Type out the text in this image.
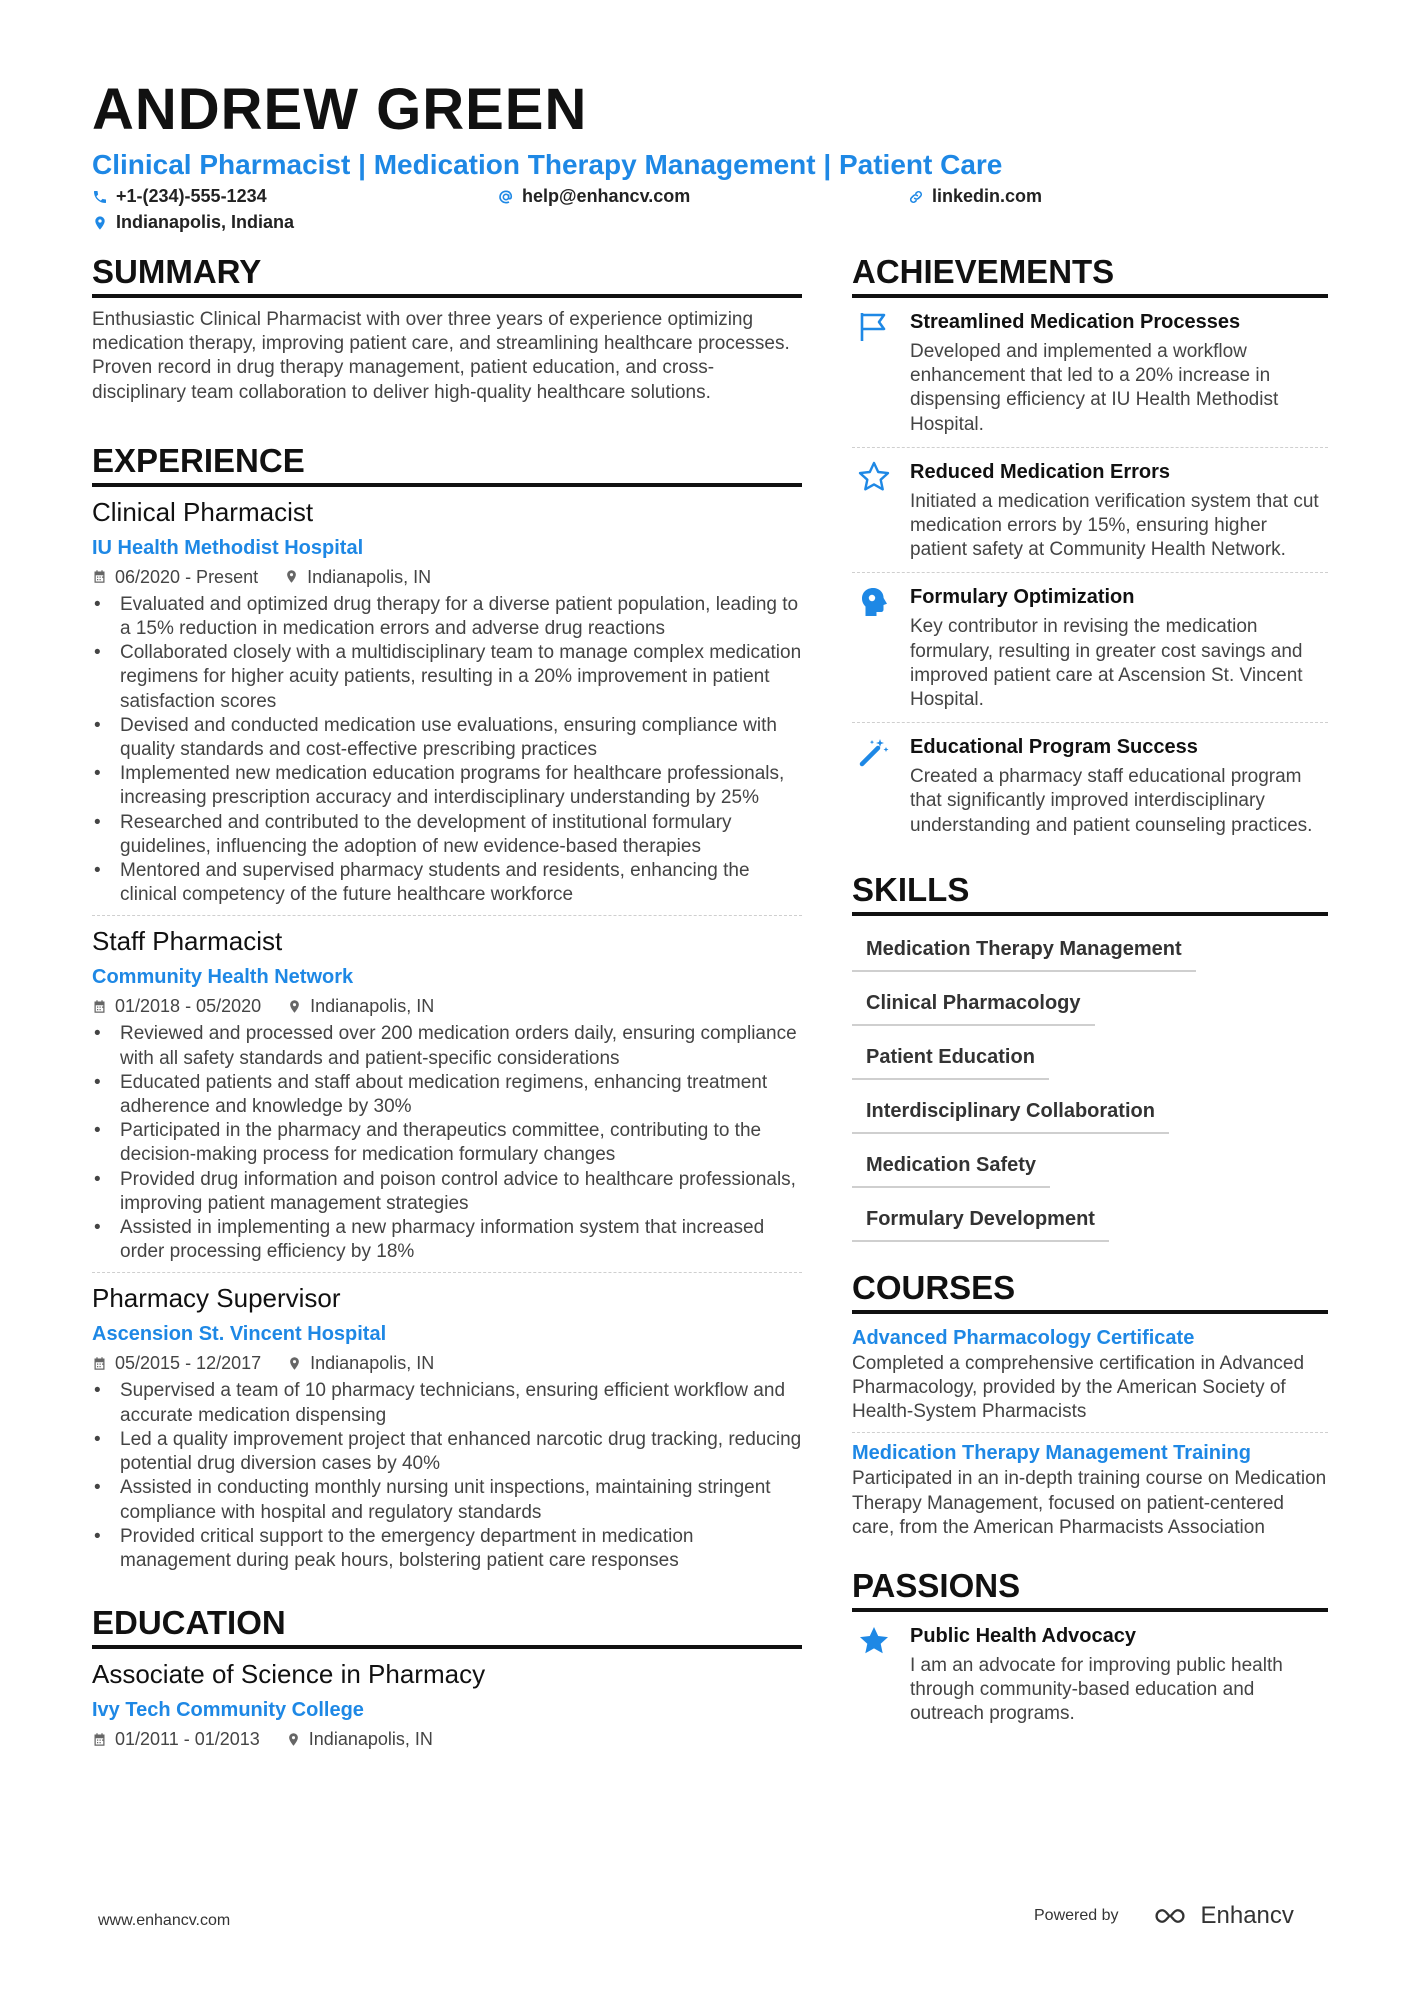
ANDREW GREEN
Clinical Pharmacist | Medication Therapy Management | Patient Care
+1-(234)-555-1234	help@enhancv.com	linkedin.com
Indianapolis, Indiana
SUMMARY
Enthusiastic Clinical Pharmacist with over three years of experience optimizing medication therapy, improving patient care, and streamlining healthcare processes. Proven record in drug therapy management, patient education, and cross-disciplinary team collaboration to deliver high-quality healthcare solutions.
EXPERIENCE
Clinical Pharmacist
IU Health Methodist Hospital
06/2020 - Present	Indianapolis, IN
• Evaluated and optimized drug therapy for a diverse patient population, leading to a 15% reduction in medication errors and adverse drug reactions
• Collaborated closely with a multidisciplinary team to manage complex medication regimens for higher acuity patients, resulting in a 20% improvement in patient satisfaction scores
• Devised and conducted medication use evaluations, ensuring compliance with quality standards and cost-effective prescribing practices
• Implemented new medication education programs for healthcare professionals, increasing prescription accuracy and interdisciplinary understanding by 25%
• Researched and contributed to the development of institutional formulary guidelines, influencing the adoption of new evidence-based therapies
• Mentored and supervised pharmacy students and residents, enhancing the clinical competency of the future healthcare workforce
Staff Pharmacist
Community Health Network
01/2018 - 05/2020	Indianapolis, IN
• Reviewed and processed over 200 medication orders daily, ensuring compliance with all safety standards and patient-specific considerations
• Educated patients and staff about medication regimens, enhancing treatment adherence and knowledge by 30%
• Participated in the pharmacy and therapeutics committee, contributing to the decision-making process for medication formulary changes
• Provided drug information and poison control advice to healthcare professionals, improving patient management strategies
• Assisted in implementing a new pharmacy information system that increased order processing efficiency by 18%
Pharmacy Supervisor
Ascension St. Vincent Hospital
05/2015 - 12/2017	Indianapolis, IN
• Supervised a team of 10 pharmacy technicians, ensuring efficient workflow and accurate medication dispensing
• Led a quality improvement project that enhanced narcotic drug tracking, reducing potential drug diversion cases by 40%
• Assisted in conducting monthly nursing unit inspections, maintaining stringent compliance with hospital and regulatory standards
• Provided critical support to the emergency department in medication management during peak hours, bolstering patient care responses
EDUCATION
Associate of Science in Pharmacy
Ivy Tech Community College
01/2011 - 01/2013	Indianapolis, IN
ACHIEVEMENTS
Streamlined Medication Processes
Developed and implemented a workflow enhancement that led to a 20% increase in dispensing efficiency at IU Health Methodist Hospital.
Reduced Medication Errors
Initiated a medication verification system that cut medication errors by 15%, ensuring higher patient safety at Community Health Network.
Formulary Optimization
Key contributor in revising the medication formulary, resulting in greater cost savings and improved patient care at Ascension St. Vincent Hospital.
Educational Program Success
Created a pharmacy staff educational program that significantly improved interdisciplinary understanding and patient counseling practices.
SKILLS
Medication Therapy Management
Clinical Pharmacology
Patient Education
Interdisciplinary Collaboration
Medication Safety
Formulary Development
COURSES
Advanced Pharmacology Certificate
Completed a comprehensive certification in Advanced Pharmacology, provided by the American Society of Health-System Pharmacists
Medication Therapy Management Training
Participated in an in-depth training course on Medication Therapy Management, focused on patient-centered care, from the American Pharmacists Association
PASSIONS
Public Health Advocacy
I am an advocate for improving public health through community-based education and outreach programs.
www.enhancv.com	Powered by	Enhancv
